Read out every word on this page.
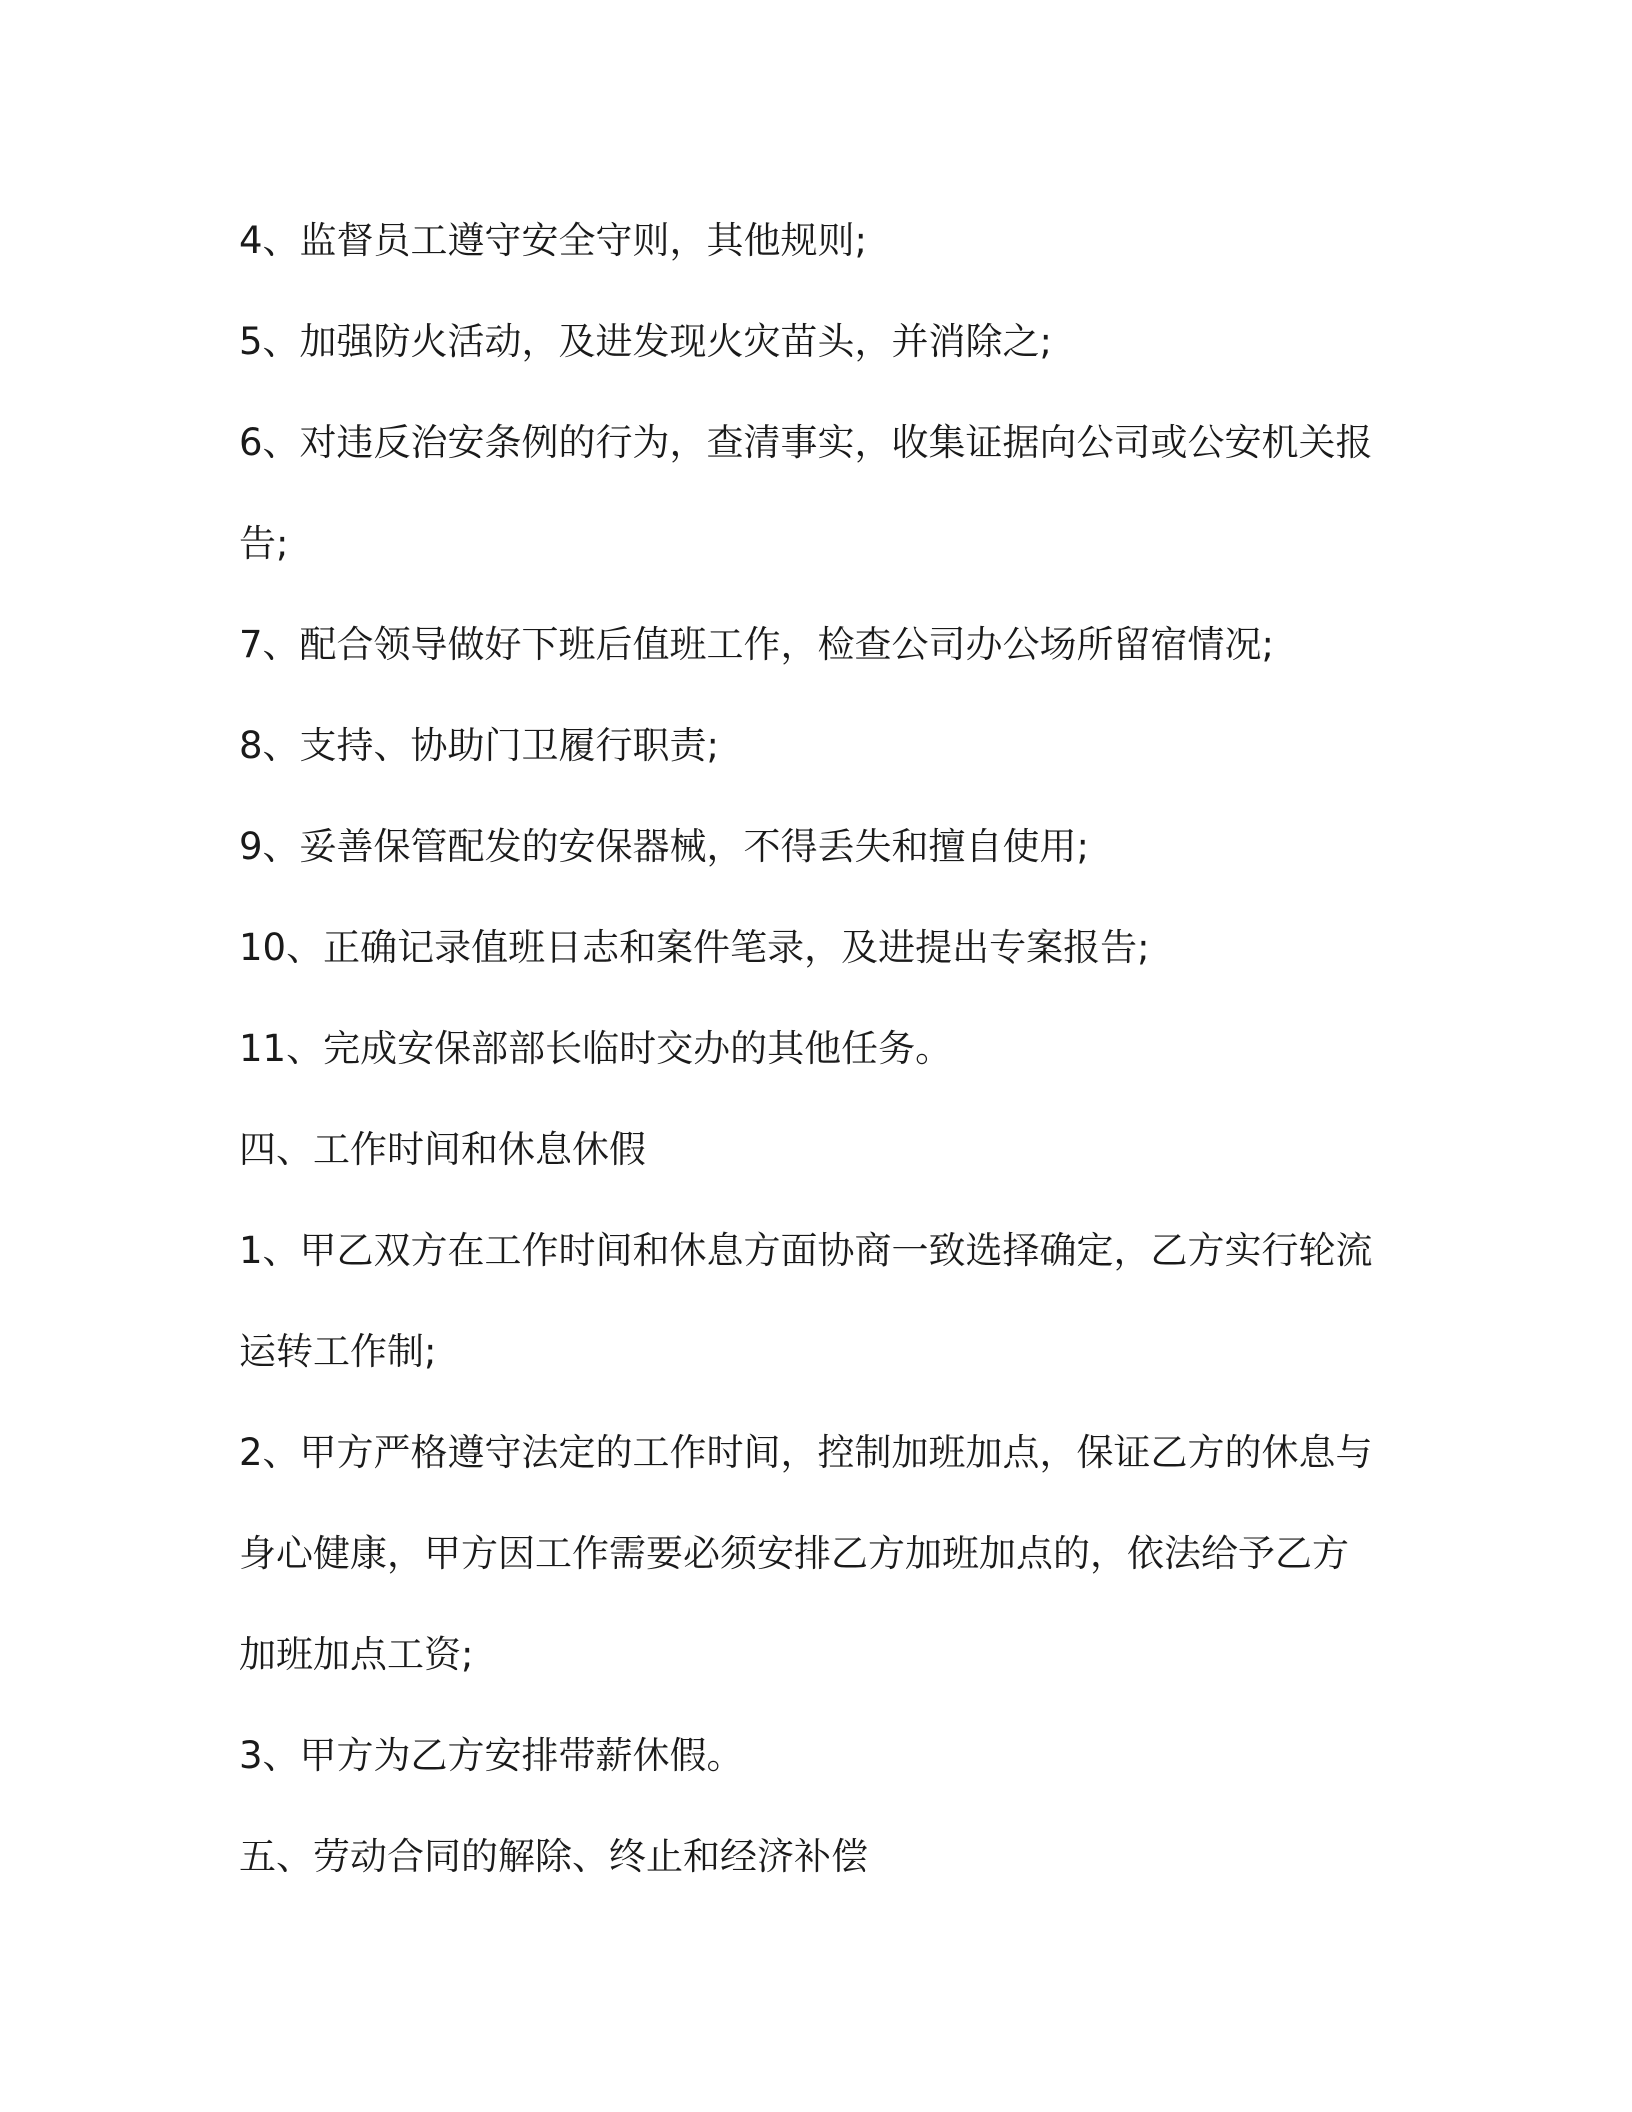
4、监督员工遵守安全守则，其他规则;
5、加强防火活动，及进发现火灾苗头，并消除之;
6、对违反治安条例的行为，查清事实，收集证据向公司或公安机关报
告;
7、配合领导做好下班后值班工作，检查公司办公场所留宿情况;
8、支持、协助门卫履行职责;
9、妥善保管配发的安保器械，不得丢失和擅自使用;
10、正确记录值班日志和案件笔录，及进提出专案报告;
11、完成安保部部长临时交办的其他任务。
四、工作时间和休息休假
1、甲乙双方在工作时间和休息方面协商一致选择确定，乙方实行轮流
运转工作制;
2、甲方严格遵守法定的工作时间，控制加班加点，保证乙方的休息与
身心健康，甲方因工作需要必须安排乙方加班加点的，依法给予乙方
加班加点工资;
3、甲方为乙方安排带薪休假。
五、劳动合同的解除、终止和经济补偿
